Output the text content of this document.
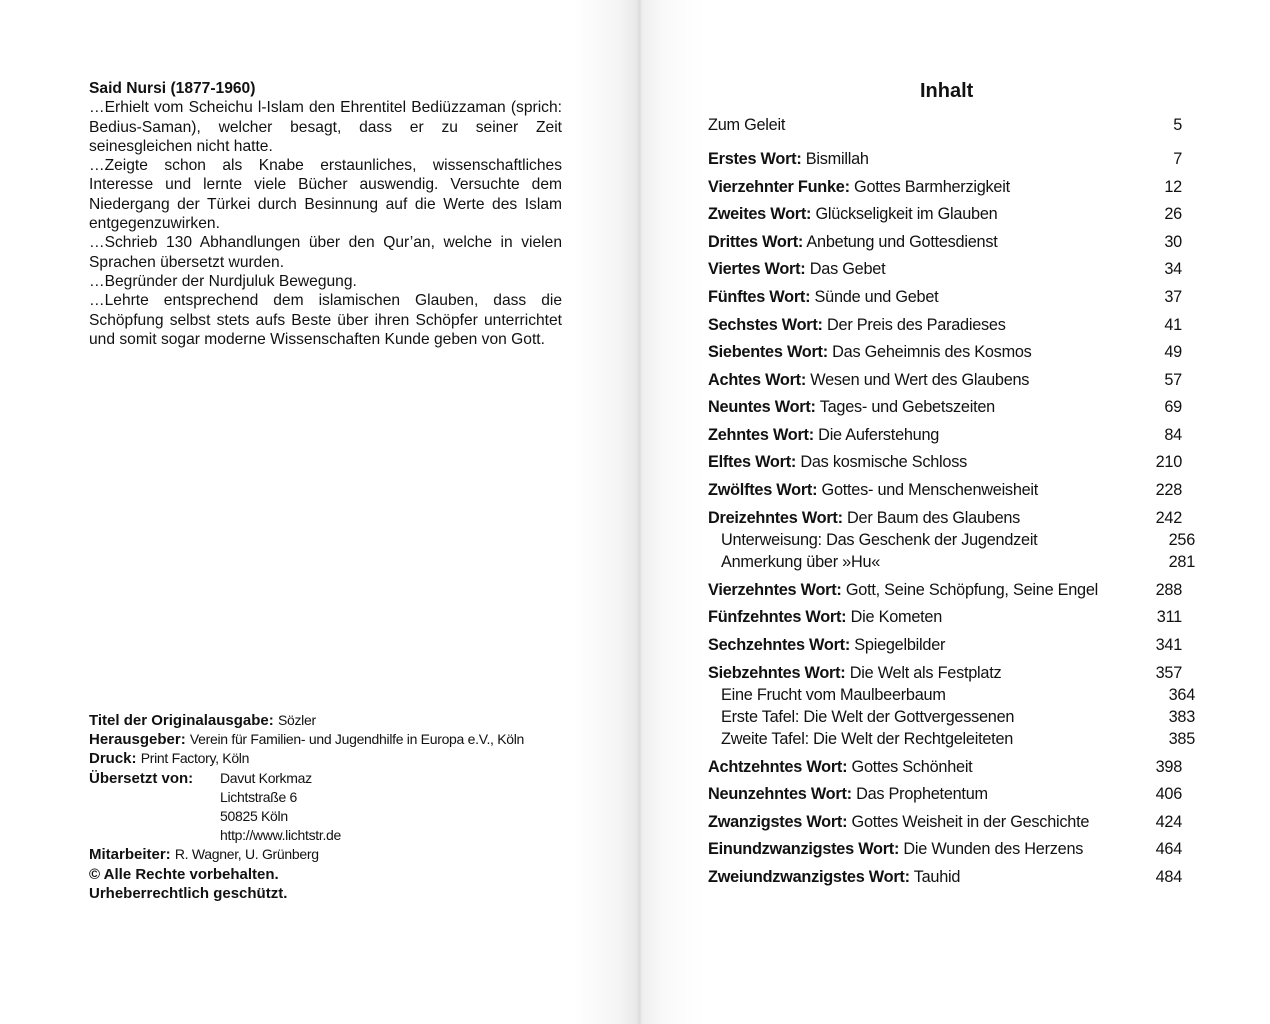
Said Nursi (1877-1960)

…Erhielt vom Scheichu l-Islam den Ehrentitel Bediüzzaman (sprich: Bedius-Saman), welcher besagt, dass er zu seiner Zeit seinesgleichen nicht hatte.

…Zeigte schon als Knabe erstaunliches, wissenschaftliches Interesse und lernte viele Bücher auswendig. Versuchte dem Niedergang der Türkei durch Besinnung auf die Werte des Islam entgegenzuwirken.

…Schrieb 130 Abhandlungen über den Qur’an, welche in vielen Sprachen übersetzt wurden.

…Begründer der Nurdjuluk Bewegung.

…Lehrte entsprechend dem islamischen Glauben, dass die Schöpfung selbst stets aufs Beste über ihren Schöpfer unterrichtet und somit sogar moderne Wissenschaften Kunde geben von Gott.

Titel der Originalausgabe: Sözler
Herausgeber: Verein für Familien- und Jugendhilfe in Europa e.V., Köln
Druck: Print Factory, Köln
Übersetzt von:	Davut Korkmaz
Lichtstraße 6
50825 Köln
http://www.lichtstr.de
Mitarbeiter: R. Wagner, U. Grünberg
© Alle Rechte vorbehalten.
Urheberrechtlich geschützt.
Inhalt
Zum Geleit	5
Erstes Wort: Bismillah	7
Vierzehnter Funke: Gottes Barmherzigkeit	12
Zweites Wort: Glückseligkeit im Glauben	26
Drittes Wort: Anbetung und Gottesdienst	30
Viertes Wort: Das Gebet	34
Fünftes Wort: Sünde und Gebet	37
Sechstes Wort: Der Preis des Paradieses	41
Siebentes Wort: Das Geheimnis des Kosmos	49
Achtes Wort: Wesen und Wert des Glaubens	57
Neuntes Wort: Tages- und Gebetszeiten	69
Zehntes Wort: Die Auferstehung	84
Elftes Wort: Das kosmische Schloss	210
Zwölftes Wort: Gottes- und Menschenweisheit	228
Dreizehntes Wort: Der Baum des Glaubens	242
Unterweisung: Das Geschenk der Jugendzeit	256
Anmerkung über »Hu«	281
Vierzehntes Wort: Gott, Seine Schöpfung, Seine Engel	288
Fünfzehntes Wort: Die Kometen	311
Sechzehntes Wort: Spiegelbilder	341
Siebzehntes Wort: Die Welt als Festplatz	357
Eine Frucht vom Maulbeerbaum	364
Erste Tafel: Die Welt der Gottvergessenen	383
Zweite Tafel: Die Welt der Rechtgeleiteten	385
Achtzehntes Wort: Gottes Schönheit	398
Neunzehntes Wort: Das Prophetentum	406
Zwanzigstes Wort: Gottes Weisheit in der Geschichte	424
Einundzwanzigstes Wort: Die Wunden des Herzens	464
Zweiundzwanzigstes Wort: Tauhid	484
